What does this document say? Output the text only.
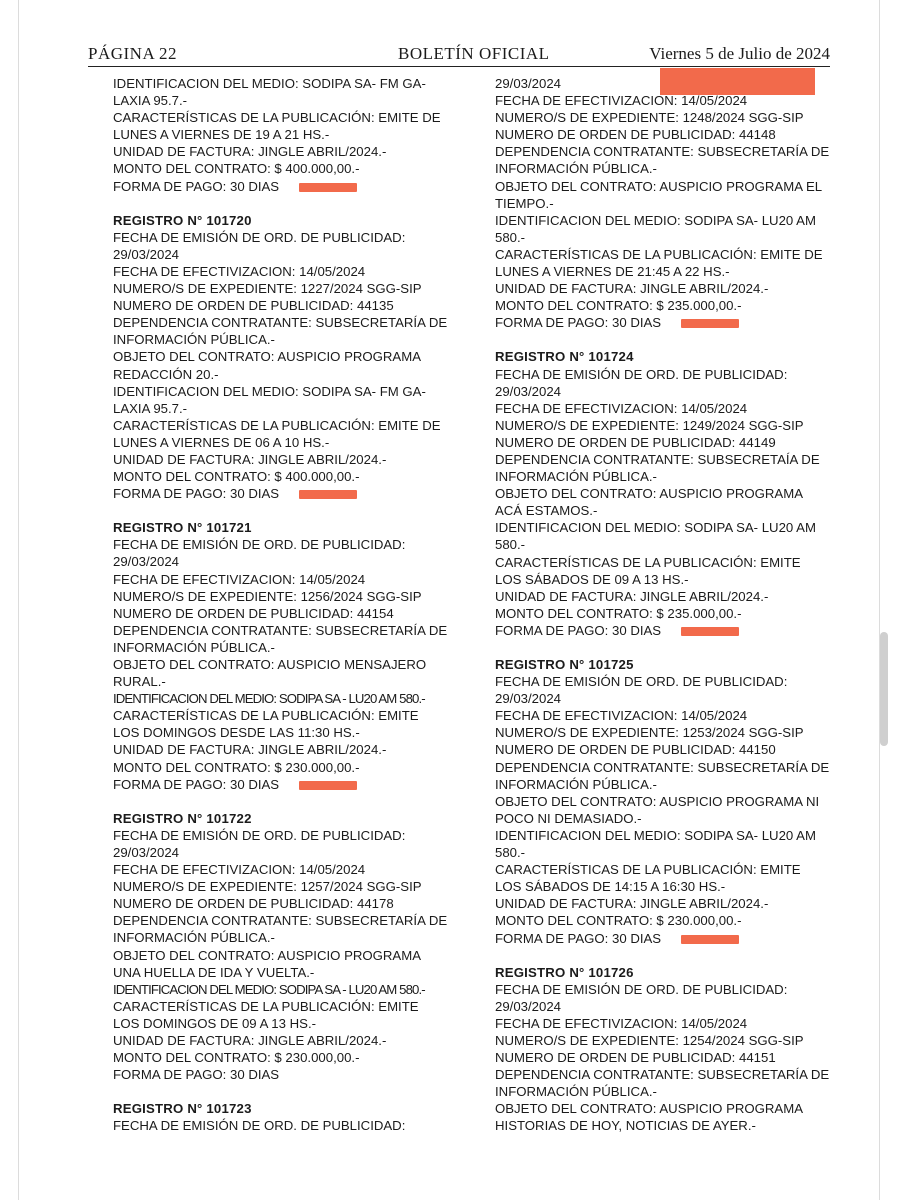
PÁGINA 22	BOLETÍN OFICIAL	Viernes 5 de Julio de 2024
IDENTIFICACION DEL MEDIO: SODIPA SA- FM GA-
LAXIA 95.7.-
CARACTERÍSTICAS DE LA PUBLICACIÓN: EMITE DE
LUNES A VIERNES DE 19 A 21 HS.-
UNIDAD DE FACTURA: JINGLE ABRIL/2024.-
MONTO DEL CONTRATO: $ 400.000,00.-
FORMA DE PAGO: 30 DIAS
REGISTRO N° 101720
FECHA DE EMISIÓN DE ORD. DE PUBLICIDAD:
29/03/2024
FECHA DE EFECTIVIZACION: 14/05/2024
NUMERO/S DE EXPEDIENTE: 1227/2024 SGG-SIP
NUMERO DE ORDEN DE PUBLICIDAD: 44135
DEPENDENCIA CONTRATANTE: SUBSECRETARÍA DE
INFORMACIÓN PÚBLICA.-
OBJETO DEL CONTRATO: AUSPICIO PROGRAMA
REDACCIÓN 20.-
IDENTIFICACION DEL MEDIO: SODIPA SA- FM GA-
LAXIA 95.7.-
CARACTERÍSTICAS DE LA PUBLICACIÓN: EMITE DE
LUNES A VIERNES DE 06 A 10 HS.-
UNIDAD DE FACTURA: JINGLE ABRIL/2024.-
MONTO DEL CONTRATO: $ 400.000,00.-
FORMA DE PAGO: 30 DIAS
REGISTRO N° 101721
FECHA DE EMISIÓN DE ORD. DE PUBLICIDAD:
29/03/2024
FECHA DE EFECTIVIZACION: 14/05/2024
NUMERO/S DE EXPEDIENTE: 1256/2024 SGG-SIP
NUMERO DE ORDEN DE PUBLICIDAD: 44154
DEPENDENCIA CONTRATANTE: SUBSECRETARÍA DE
INFORMACIÓN PÚBLICA.-
OBJETO DEL CONTRATO: AUSPICIO MENSAJERO
RURAL.-
IDENTIFICACION DEL MEDIO: SODIPA SA - LU20 AM 580.-
CARACTERÍSTICAS DE LA PUBLICACIÓN: EMITE
LOS DOMINGOS DESDE LAS 11:30 HS.-
UNIDAD DE FACTURA: JINGLE ABRIL/2024.-
MONTO DEL CONTRATO: $ 230.000,00.-
FORMA DE PAGO: 30 DIAS
REGISTRO N° 101722
FECHA DE EMISIÓN DE ORD. DE PUBLICIDAD:
29/03/2024
FECHA DE EFECTIVIZACION: 14/05/2024
NUMERO/S DE EXPEDIENTE: 1257/2024 SGG-SIP
NUMERO DE ORDEN DE PUBLICIDAD: 44178
DEPENDENCIA CONTRATANTE: SUBSECRETARÍA DE
INFORMACIÓN PÚBLICA.-
OBJETO DEL CONTRATO: AUSPICIO PROGRAMA
UNA HUELLA DE IDA Y VUELTA.-
IDENTIFICACION DEL MEDIO: SODIPA SA - LU20 AM 580.-
CARACTERÍSTICAS DE LA PUBLICACIÓN: EMITE
LOS DOMINGOS DE 09 A 13 HS.-
UNIDAD DE FACTURA: JINGLE ABRIL/2024.-
MONTO DEL CONTRATO: $ 230.000,00.-
FORMA DE PAGO: 30 DIAS
REGISTRO N° 101723
FECHA DE EMISIÓN DE ORD. DE PUBLICIDAD:
29/03/2024
FECHA DE EFECTIVIZACION: 14/05/2024
NUMERO/S DE EXPEDIENTE: 1248/2024 SGG-SIP
NUMERO DE ORDEN DE PUBLICIDAD: 44148
DEPENDENCIA CONTRATANTE: SUBSECRETARÍA DE
INFORMACIÓN PÚBLICA.-
OBJETO DEL CONTRATO: AUSPICIO PROGRAMA EL
TIEMPO.-
IDENTIFICACION DEL MEDIO: SODIPA SA- LU20 AM
580.-
CARACTERÍSTICAS DE LA PUBLICACIÓN: EMITE DE
LUNES A VIERNES DE 21:45 A 22 HS.-
UNIDAD DE FACTURA: JINGLE ABRIL/2024.-
MONTO DEL CONTRATO: $ 235.000,00.-
FORMA DE PAGO: 30 DIAS
REGISTRO N° 101724
FECHA DE EMISIÓN DE ORD. DE PUBLICIDAD:
29/03/2024
FECHA DE EFECTIVIZACION: 14/05/2024
NUMERO/S DE EXPEDIENTE: 1249/2024 SGG-SIP
NUMERO DE ORDEN DE PUBLICIDAD: 44149
DEPENDENCIA CONTRATANTE: SUBSECRETAÍA DE
INFORMACIÓN PÚBLICA.-
OBJETO DEL CONTRATO: AUSPICIO PROGRAMA
ACÁ ESTAMOS.-
IDENTIFICACION DEL MEDIO: SODIPA SA- LU20 AM
580.-
CARACTERÍSTICAS DE LA PUBLICACIÓN: EMITE
LOS SÁBADOS DE 09 A 13 HS.-
UNIDAD DE FACTURA: JINGLE ABRIL/2024.-
MONTO DEL CONTRATO: $ 235.000,00.-
FORMA DE PAGO: 30 DIAS
REGISTRO N° 101725
FECHA DE EMISIÓN DE ORD. DE PUBLICIDAD:
29/03/2024
FECHA DE EFECTIVIZACION: 14/05/2024
NUMERO/S DE EXPEDIENTE: 1253/2024 SGG-SIP
NUMERO DE ORDEN DE PUBLICIDAD: 44150
DEPENDENCIA CONTRATANTE: SUBSECRETARÍA DE
INFORMACIÓN PÚBLICA.-
OBJETO DEL CONTRATO: AUSPICIO PROGRAMA NI
POCO NI DEMASIADO.-
IDENTIFICACION DEL MEDIO: SODIPA SA- LU20 AM
580.-
CARACTERÍSTICAS DE LA PUBLICACIÓN: EMITE
LOS SÁBADOS DE 14:15 A 16:30 HS.-
UNIDAD DE FACTURA: JINGLE ABRIL/2024.-
MONTO DEL CONTRATO: $ 230.000,00.-
FORMA DE PAGO: 30 DIAS
REGISTRO N° 101726
FECHA DE EMISIÓN DE ORD. DE PUBLICIDAD:
29/03/2024
FECHA DE EFECTIVIZACION: 14/05/2024
NUMERO/S DE EXPEDIENTE: 1254/2024 SGG-SIP
NUMERO DE ORDEN DE PUBLICIDAD: 44151
DEPENDENCIA CONTRATANTE: SUBSECRETARÍA DE
INFORMACIÓN PÚBLICA.-
OBJETO DEL CONTRATO: AUSPICIO PROGRAMA
HISTORIAS DE HOY, NOTICIAS DE AYER.-
